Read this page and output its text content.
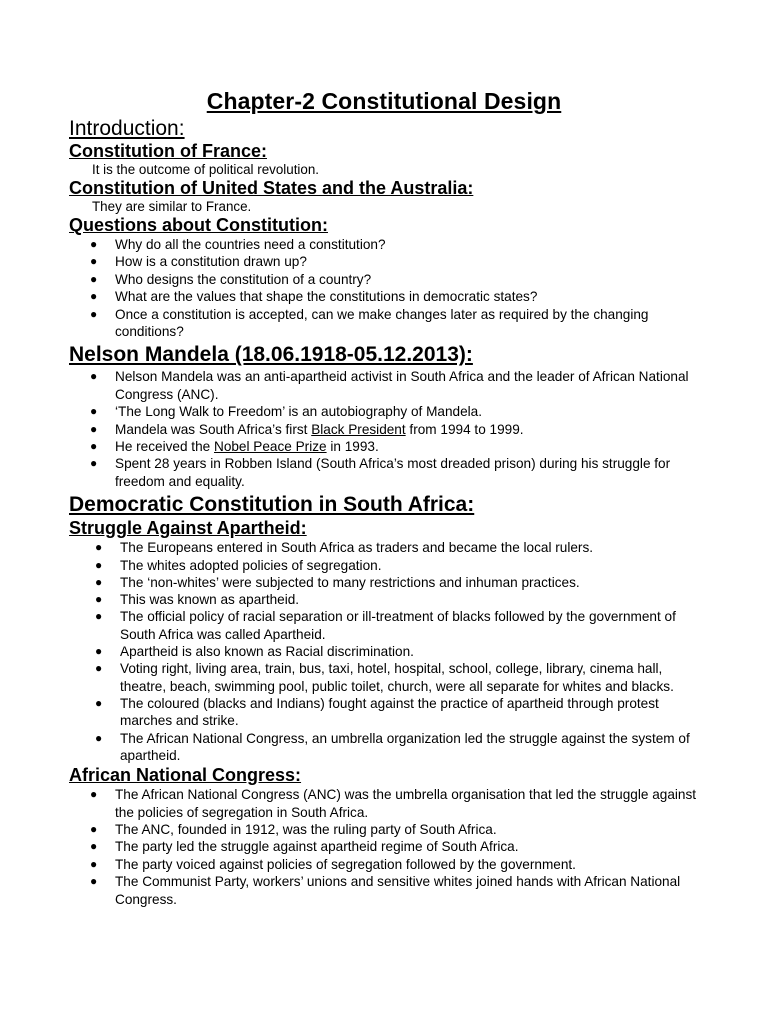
Chapter-2 Constitutional Design
Introduction:
Constitution of France:

It is the outcome of political revolution.

Constitution of United States and the Australia:

They are similar to France.

Questions about Constitution:
● Why do all the countries need a constitution?
● How is a constitution drawn up?
● Who designs the constitution of a country?
● What are the values that shape the constitutions in democratic states?
● Once a constitution is accepted, can we make changes later as required by the changing conditions?
Nelson Mandela (18.06.1918-05.12.2013):
● Nelson Mandela was an anti-apartheid activist in South Africa and the leader of African National Congress (ANC).
● ‘The Long Walk to Freedom’ is an autobiography of Mandela.
● Mandela was South Africa’s first Black President from 1994 to 1999.
● He received the Nobel Peace Prize in 1993.
● Spent 28 years in Robben Island (South Africa’s most dreaded prison) during his struggle for freedom and equality.
Democratic Constitution in South Africa:
Struggle Against Apartheid:
● The Europeans entered in South Africa as traders and became the local rulers.
● The whites adopted policies of segregation.
● The ‘non-whites’ were subjected to many restrictions and inhuman practices.
● This was known as apartheid.
● The official policy of racial separation or ill-treatment of blacks followed by the government of South Africa was called Apartheid.
● Apartheid is also known as Racial discrimination.
● Voting right, living area, train, bus, taxi, hotel, hospital, school, college, library, cinema hall, theatre, beach, swimming pool, public toilet, church, were all separate for whites and blacks.
● The coloured (blacks and Indians) fought against the practice of apartheid through protest marches and strike.
● The African National Congress, an umbrella organization led the struggle against the system of apartheid.
African National Congress:
● The African National Congress (ANC) was the umbrella organisation that led the struggle against the policies of segregation in South Africa.
● The ANC, founded in 1912, was the ruling party of South Africa.
● The party led the struggle against apartheid regime of South Africa.
● The party voiced against policies of segregation followed by the government.
● The Communist Party, workers’ unions and sensitive whites joined hands with African National Congress.
